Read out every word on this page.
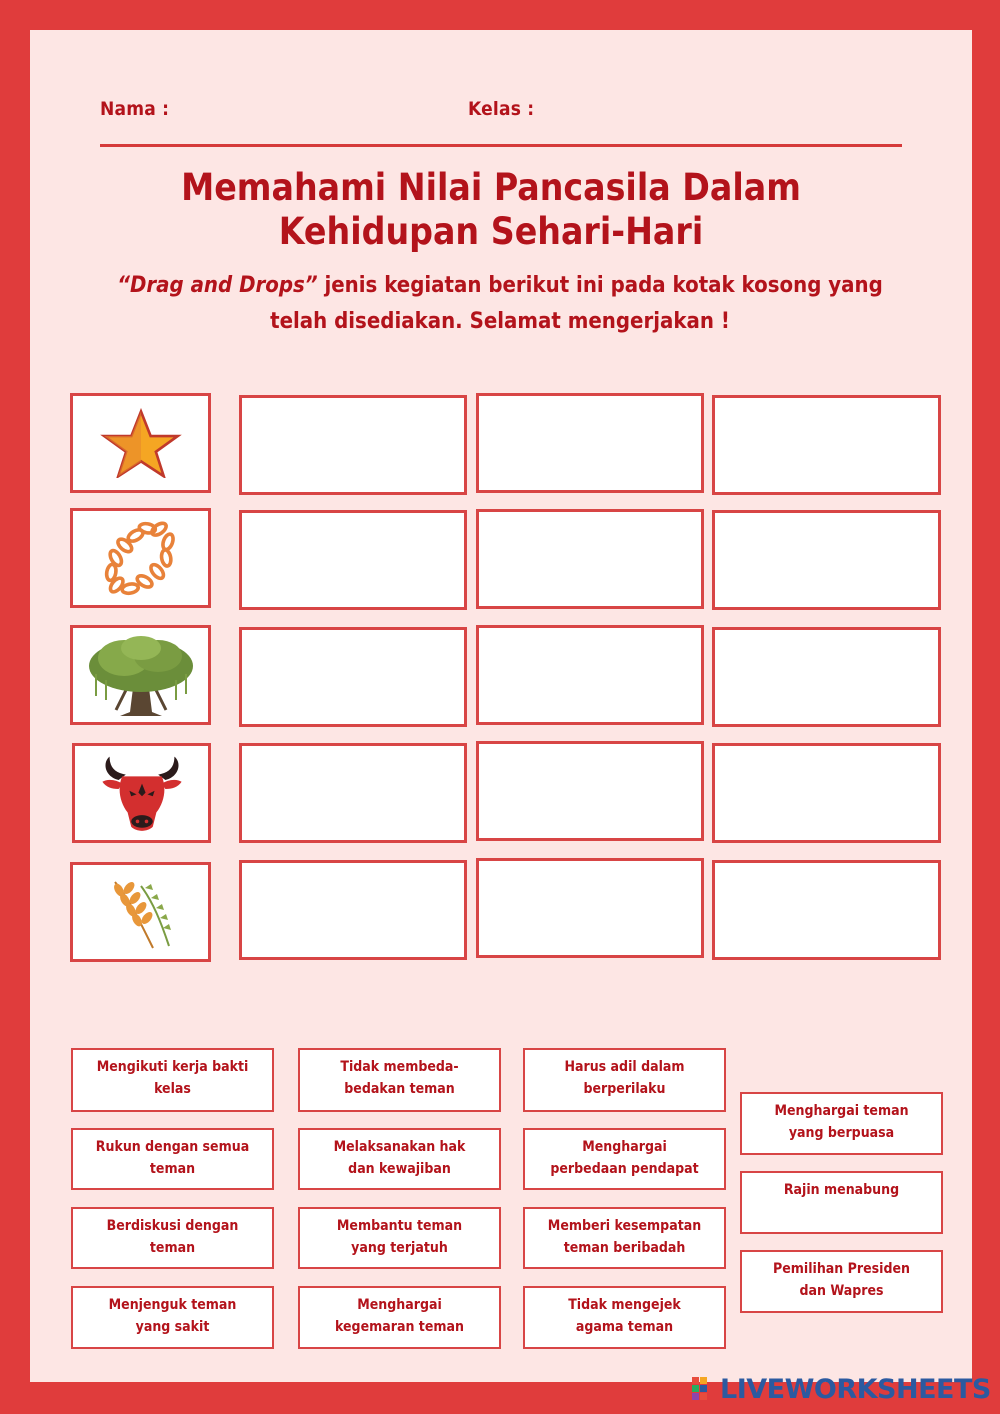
Nama :	Kelas :
Memahami Nilai Pancasila Dalam
Kehidupan Sehari-Hari
“Drag and Drops” jenis kegiatan berikut ini pada kotak kosong yang
telah disediakan. Selamat mengerjakan !
Mengikuti kerja bakti
kelas
Rukun dengan semua
teman
Berdiskusi dengan
teman
Menjenguk teman
yang sakit
Tidak membeda-
bedakan teman
Melaksanakan hak
dan kewajiban
Membantu teman
yang terjatuh
Menghargai
kegemaran teman
Harus adil dalam
berperilaku
Menghargai
perbedaan pendapat
Memberi kesempatan
teman beribadah
Tidak mengejek
agama teman
Menghargai teman
yang berpuasa
Rajin menabung
Pemilihan Presiden
dan Wapres
LIVEWORKSHEETS
